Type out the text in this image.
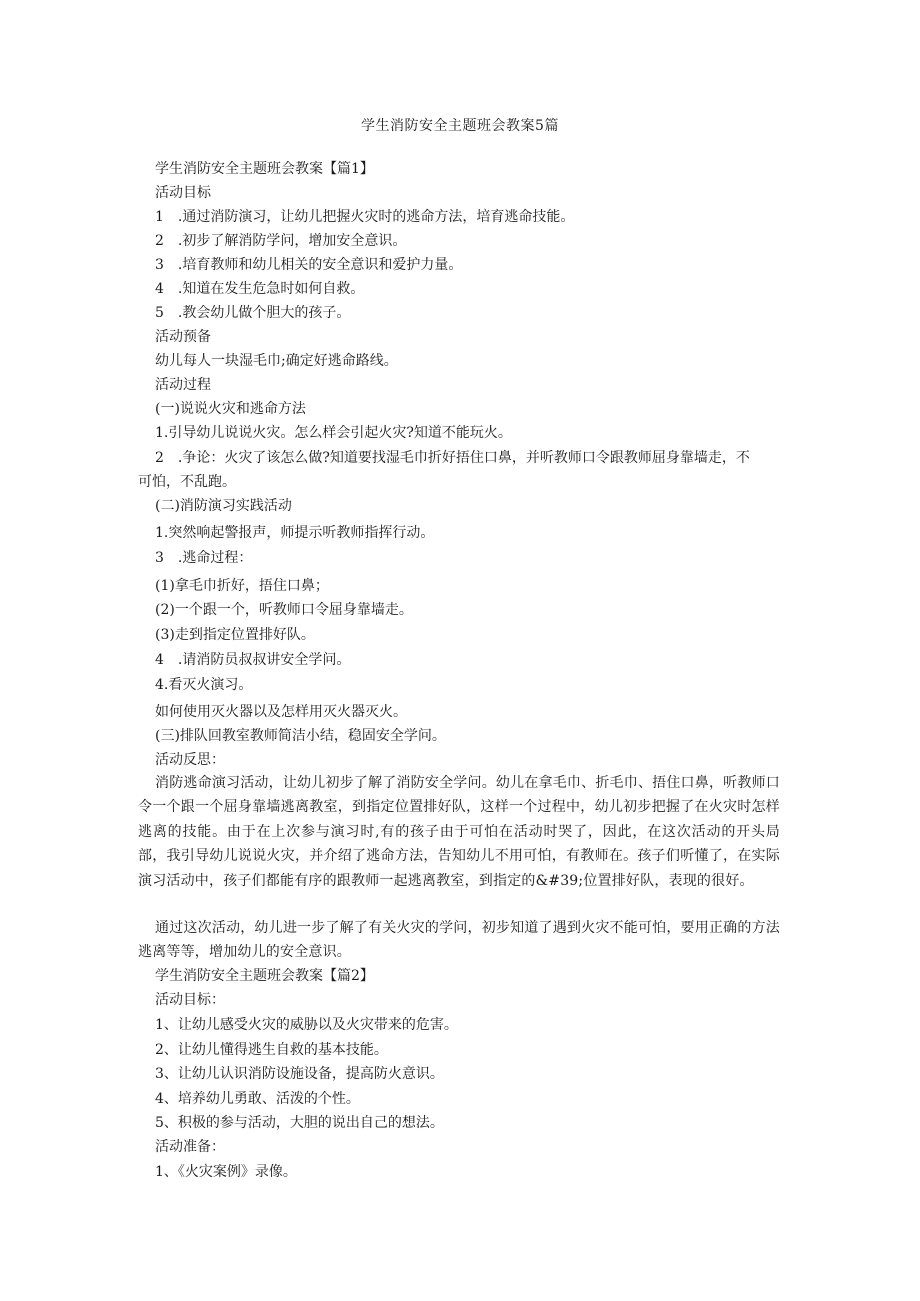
学生消防安全主题班会教案5篇
学生消防安全主题班会教案【篇1】
活动目标
1　.通过消防演习，让幼儿把握火灾时的逃命方法，培育逃命技能。
2　.初步了解消防学问，增加安全意识。
3　.培育教师和幼儿相关的安全意识和爱护力量。
4　.知道在发生危急时如何自救。
5　.教会幼儿做个胆大的孩子。
活动预备
幼儿每人一块湿毛巾;确定好逃命路线。
活动过程
(一)说说火灾和逃命方法
1.引导幼儿说说火灾。怎么样会引起火灾?知道不能玩火。
2　.争论：火灾了该怎么做?知道要找湿毛巾折好捂住口鼻，并听教师口令跟教师屈身靠墙走，不
可怕，不乱跑。
(二)消防演习实践活动
1.突然响起警报声，师提示听教师指挥行动。
3　.逃命过程：
(1)拿毛巾折好，捂住口鼻；
(2)一个跟一个，听教师口令屈身靠墙走。
(3)走到指定位置排好队。
4　.请消防员叔叔讲安全学问。
4.看灭火演习。
如何使用灭火器以及怎样用灭火器灭火。
(三)排队回教室教师简洁小结，稳固安全学问。
活动反思：
消防逃命演习活动，让幼儿初步了解了消防安全学问。幼儿在拿毛巾、折毛巾、捂住口鼻，听教师口令一个跟一个屈身靠墙逃离教室，到指定位置排好队，这样一个过程中，幼儿初步把握了在火灾时怎样逃离的技能。由于在上次参与演习时,有的孩子由于可怕在活动时哭了，因此，在这次活动的开头局部，我引导幼儿说说火灾，并介绍了逃命方法，告知幼儿不用可怕，有教师在。孩子们听懂了，在实际演习活动中，孩子们都能有序的跟教师一起逃离教室，到指定的&#39;位置排好队，表现的很好。
通过这次活动，幼儿进一步了解了有关火灾的学问，初步知道了遇到火灾不能可怕，要用正确的方法逃离等等，增加幼儿的安全意识。
学生消防安全主题班会教案【篇2】
活动目标：
1、让幼儿感受火灾的威胁以及火灾带来的危害。
2、让幼儿懂得逃生自救的基本技能。
3、让幼儿认识消防设施设备，提高防火意识。
4、培养幼儿勇敢、活泼的个性。
5、积极的参与活动，大胆的说出自己的想法。
活动准备：
1、《火灾案例》录像。
